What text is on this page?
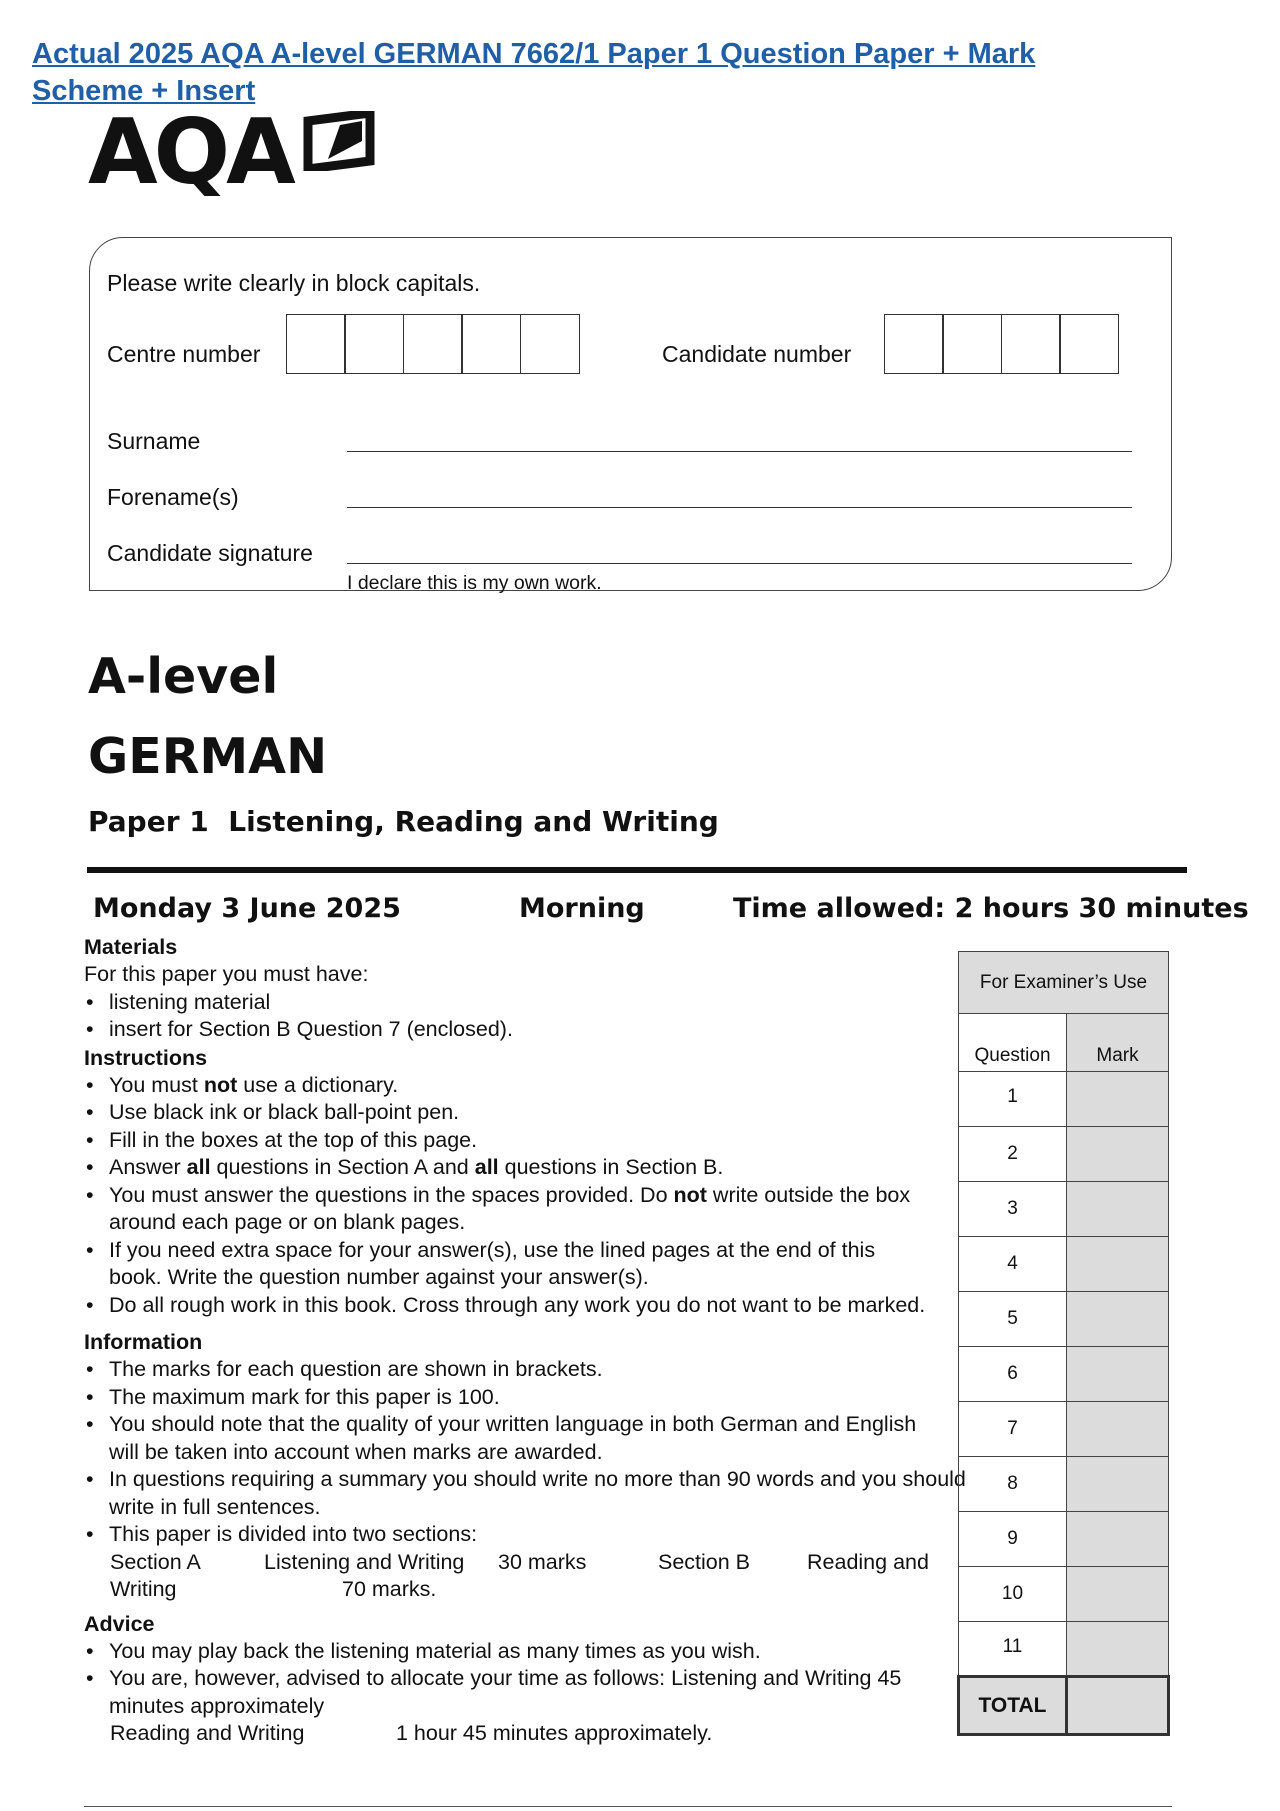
Actual 2025 AQA A-level GERMAN 7662/1 Paper 1 Question Paper + Mark Scheme + Insert
AQA
Please write clearly in block capitals.
Centre number	Candidate number
Surname
Forename(s)
Candidate signature
I declare this is my own work.
A-level
GERMAN
Paper 1  Listening, Reading and Writing
Monday 3 June 2025	Morning	Time allowed: 2 hours 30 minutes
Materials
For this paper you must have:
• listening material
• insert for Section B Question 7 (enclosed).
Instructions
• You must not use a dictionary.
• Use black ink or black ball-point pen.
• Fill in the boxes at the top of this page.
• Answer all questions in Section A and all questions in Section B.
• You must answer the questions in the spaces provided. Do not write outside the box around each page or on blank pages.
• If you need extra space for your answer(s), use the lined pages at the end of this book. Write the question number against your answer(s).
• Do all rough work in this book. Cross through any work you do not want to be marked.
Information
• The marks for each question are shown in brackets.
• The maximum mark for this paper is 100.
• You should note that the quality of your written language in both German and English will be taken into account when marks are awarded.
• In questions requiring a summary you should write no more than 90 words and you should write in full sentences.
• This paper is divided into two sections:
Section A	Listening and Writing 30 marks	Section B	Reading and
Writing	70 marks.
Advice
• You may play back the listening material as many times as you wish.
• You are, however, advised to allocate your time as follows: Listening and Writing 45 minutes approximately
Reading and Writing	1 hour 45 minutes approximately.
For Examiner’s Use	
Question	Mark
1	
2	
3	
4	
5	
6	
7	
8	
9	
10	
11	
TOTAL	
